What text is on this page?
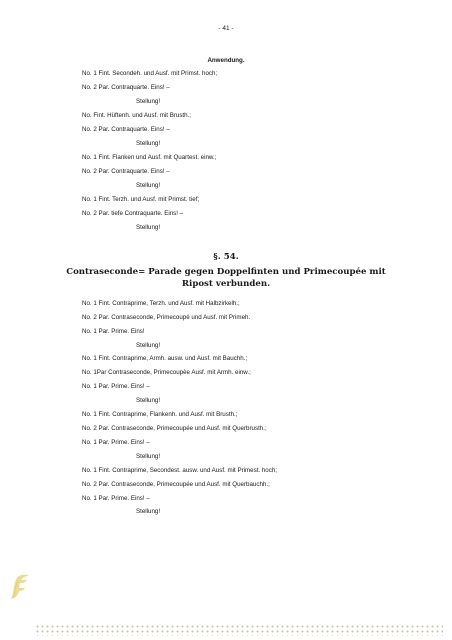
- 41 -
Anwendung.
No. 1 Fint. Secondeh. und Ausf. mit Primst. hoch;
No. 2 Par. Contraquarte. Eins! –
Stellung!
No. Fint. Hüftenh. und Ausf. mit Brusth.;
No. 2 Par. Contraquarte. Eins! –
Stellung!
No. 1 Fint. Flanken und Ausf. mit Quartest. einw.;
No. 2 Par. Contraquarte. Eins! –
Stellung!
No. 1 Fint. Terzh. und Ausf. mit Primst. tief;
No. 2 Par. tiefe Contraquarte. Eins! –
Stellung!
§. 54.
Contraseconde= Parade gegen Doppelfinten und Primecoupée mit Ripost verbunden.
No. 1 Fint. Contraprime, Terzh. und Ausf. mit Halbzirkelh.;
No. 2 Par. Contraseconde, Primecoupé und Ausf. mit Primeh.
No. 1 Par. Prime. Eins!
Stellung!
No. 1 Fint. Contraprime, Armh. ausw. und Ausf. mit Bauchh.;
No. 1Par Contraseconde, Primecoupèe Ausf. mit Armh. einw.;
No. 1 Par. Prime. Eins! –
Stellung!
No. 1 Fint. Contraprime, Flankenh. und Ausf. mit Brusth.;
No. 2 Par. Contraseconde, Primecoupée und Ausf. mit Querbrusth.;
No. 1 Par. Prime. Eins! –
Stellung!
No. 1 Fint. Contraprime, Secondest. ausw. und Ausf. mit Primest. hoch;
No. 2 Par. Contraseconde, Primecoupée und Ausf. mit Querbauchh.;
No. 1 Par. Prime. Eins! –
Stellung!
